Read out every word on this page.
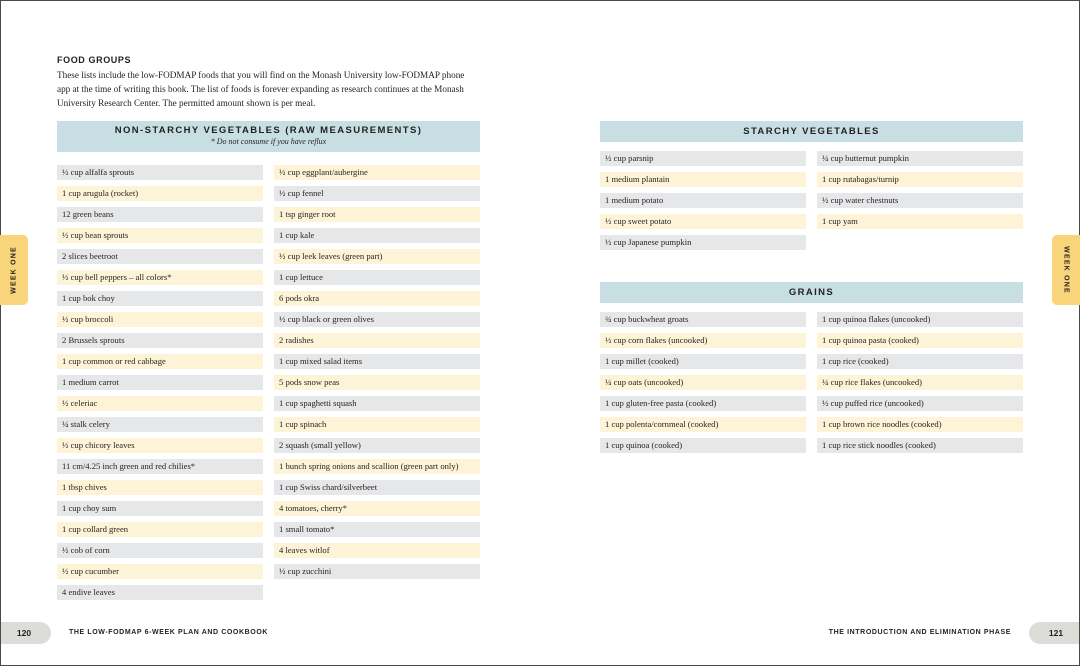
FOOD GROUPS
These lists include the low-FODMAP foods that you will find on the Monash University low-FODMAP phone app at the time of writing this book. The list of foods is forever expanding as research continues at the Monash University Research Center. The permitted amount shown is per meal.
NON-STARCHY VEGETABLES (RAW MEASUREMENTS)
* Do not consume if you have reflux
½ cup alfalfa sprouts
1 cup arugula (rocket)
12 green beans
½ cup bean sprouts
2 slices beetroot
½ cup bell peppers – all colors*
1 cup bok choy
½ cup broccoli
2 Brussels sprouts
1 cup common or red cabbage
1 medium carrot
½ celeriac
¼ stalk celery
½ cup chicory leaves
11 cm/4.25 inch green and red chilies*
1 tbsp chives
1 cup choy sum
1 cup collard green
½ cob of corn
½ cup cucumber
4 endive leaves
½ cup eggplant/aubergine
½ cup fennel
1 tsp ginger root
1 cup kale
½ cup leek leaves (green part)
1 cup lettuce
6 pods okra
½ cup black or green olives
2 radishes
1 cup mixed salad items
5 pods snow peas
1 cup spaghetti squash
1 cup spinach
2 squash (small yellow)
1 bunch spring onions and scallion (green part only)
1 cup Swiss chard/silverbeet
4 tomatoes, cherry*
1 small tomato*
4 leaves witlof
½ cup zucchini
STARCHY VEGETABLES
½ cup parsnip
1 medium plantain
1 medium potato
½ cup sweet potato
½ cup Japanese pumpkin
¼ cup butternut pumpkin
1 cup rutabagas/turnip
½ cup water chestnuts
1 cup yam
GRAINS
¾ cup buckwheat groats
½ cup corn flakes (uncooked)
1 cup millet (cooked)
¼ cup oats (uncooked)
1 cup gluten-free pasta (cooked)
1 cup polenta/cornmeal (cooked)
1 cup quinoa (cooked)
1 cup quinoa flakes (uncooked)
1 cup quinoa pasta (cooked)
1 cup rice (cooked)
¼ cup rice flakes (uncooked)
½ cup puffed rice (uncooked)
1 cup brown rice noodles (cooked)
1 cup rice stick noodles (cooked)
WEEK ONE	WEEK ONE
120	THE LOW-FODMAP 6-WEEK PLAN AND COOKBOOK	THE INTRODUCTION AND ELIMINATION PHASE	121
